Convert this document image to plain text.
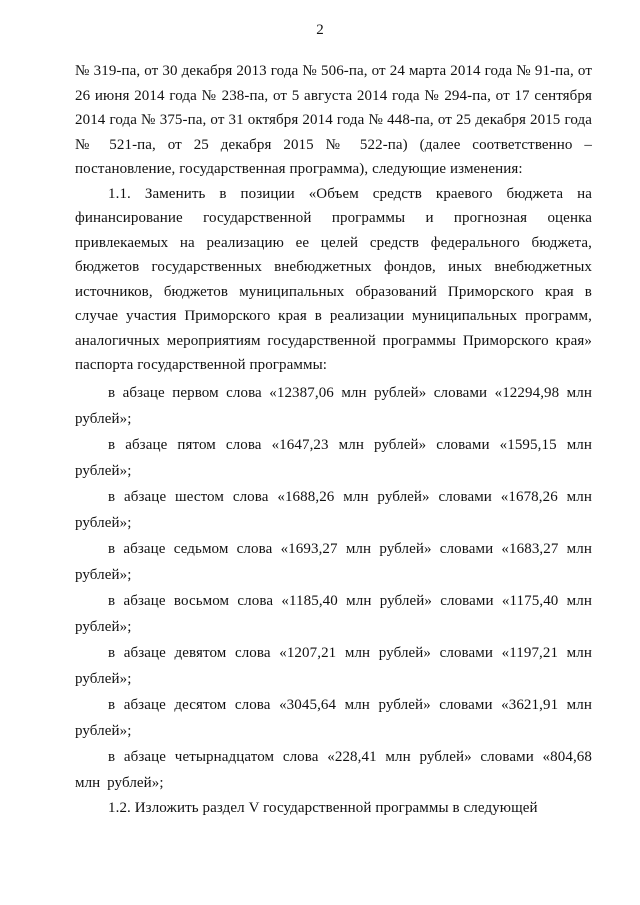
2

№ 319-па, от 30 декабря 2013 года № 506-па, от 24 марта 2014 года № 91-па, от 26 июня 2014 года № 238-па, от 5 августа 2014 года № 294-па, от 17 сентября 2014 года № 375-па, от 31 октября 2014 года № 448-па, от 25 декабря 2015 года № 521-па, от 25 декабря 2015 № 522-па) (далее соответственно – постановление, государственная программа), следующие изменения:

1.1. Заменить в позиции «Объем средств краевого бюджета на финансирование государственной программы и прогнозная оценка привлекаемых на реализацию ее целей средств федерального бюджета, бюджетов государственных внебюджетных фондов, иных внебюджетных источников, бюджетов муниципальных образований Приморского края в случае участия Приморского края в реализации муниципальных программ, аналогичных мероприятиям государственной программы Приморского края» паспорта государственной программы:

в абзаце первом слова «12387,06 млн рублей» словами «12294,98 млн рублей»;

в абзаце пятом слова «1647,23 млн рублей» словами «1595,15 млн рублей»;

в абзаце шестом слова «1688,26 млн рублей» словами «1678,26 млн рублей»;

в абзаце седьмом слова «1693,27 млн рублей» словами «1683,27 млн рублей»;

в абзаце восьмом слова «1185,40 млн рублей» словами «1175,40 млн рублей»;

в абзаце девятом слова «1207,21 млн рублей» словами «1197,21 млн рублей»;

в абзаце десятом слова «3045,64 млн рублей» словами «3621,91 млн рублей»;

в абзаце четырнадцатом слова «228,41 млн рублей» словами «804,68 млн рублей»;

1.2. Изложить раздел V государственной программы в следующей
